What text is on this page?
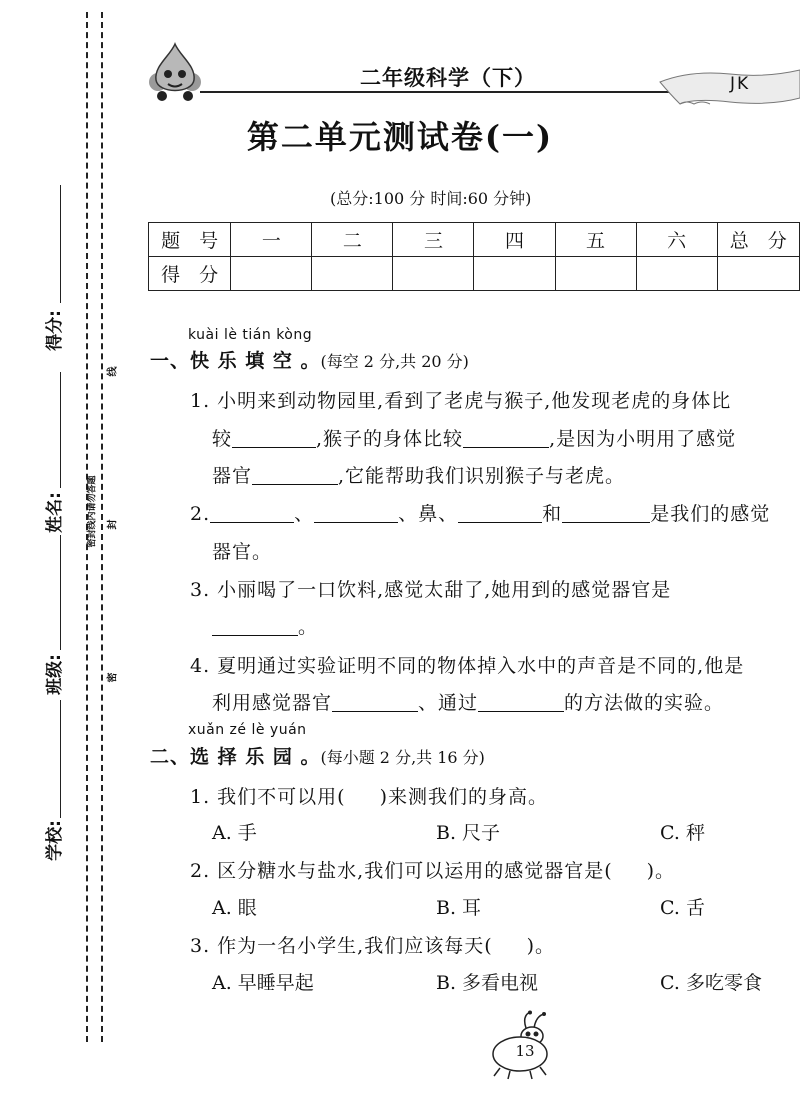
得分:
姓名:
班级:
学校:
密封线内请勿答题
线
封
密
二年级科学（下）	JK
第二单元测试卷(一)
(总分:100 分 时间:60 分钟)
题　号	一	二	三	四	五	六	总　分
得　分							
kuài lè tián kòng
一、快 乐 填 空 。(每空 2 分,共 20 分)
1. 小明来到动物园里,看到了老虎与猴子,他发现老虎的身体比
较	,猴子的身体比较	,是因为小明用了感觉
器官	,它能帮助我们识别猴子与老虎。
2.	、	、鼻、	和	是我们的感觉
器官。
3. 小丽喝了一口饮料,感觉太甜了,她用到的感觉器官是
。
4. 夏明通过实验证明不同的物体掉入水中的声音是不同的,他是
利用感觉器官	、通过	的方法做的实验。
xuǎn zé lè yuán
二、选 择 乐 园 。(每小题 2 分,共 16 分)
1. 我们不可以用( )来测我们的身高。
A. 手	B. 尺子	C. 秤
2. 区分糖水与盐水,我们可以运用的感觉器官是( )。
A. 眼	B. 耳	C. 舌
3. 作为一名小学生,我们应该每天( )。
A. 早睡早起	B. 多看电视	C. 多吃零食
13
